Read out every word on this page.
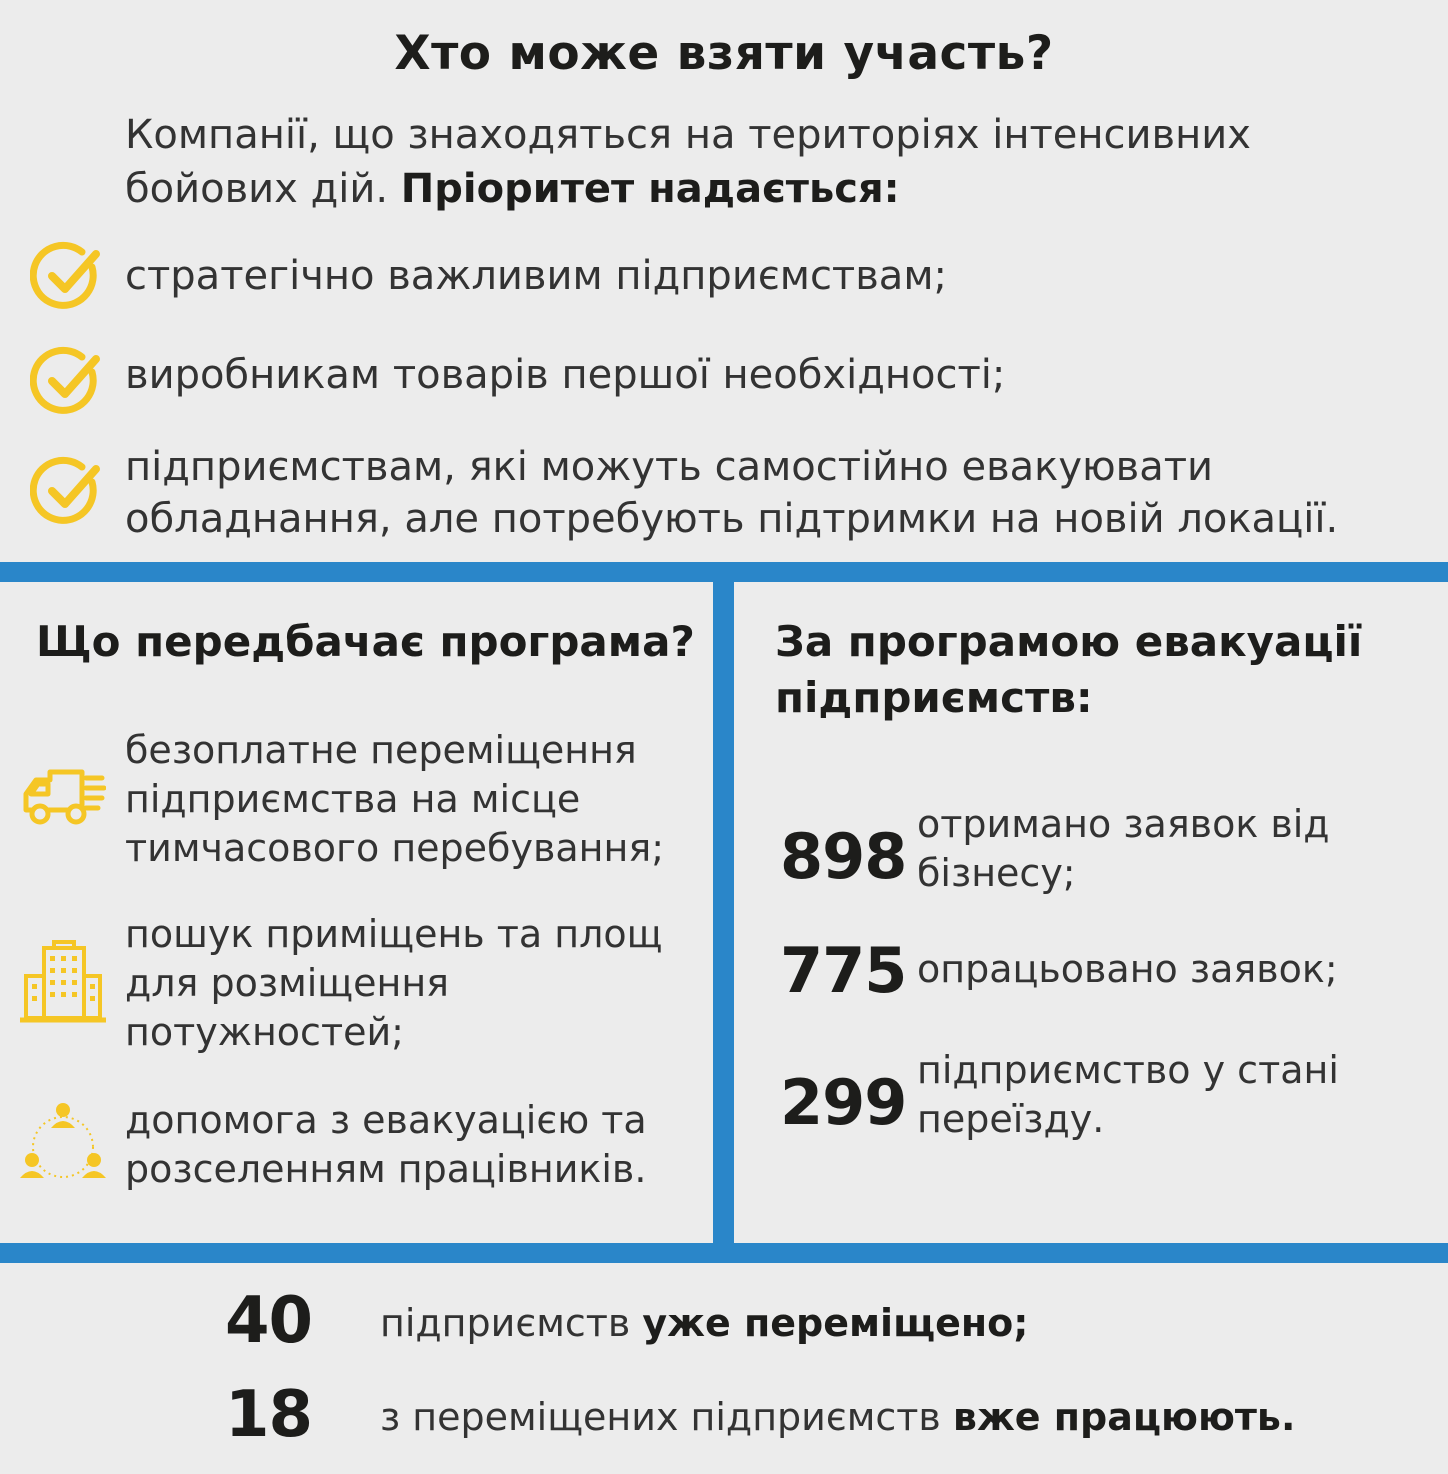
Хто може взяти участь?
Компанії, що знаходяться на територіях інтенсивних бойових дій. Пріоритет надається:
стратегічно важливим підприємствам;
виробникам товарів першої необхідності;
підприємствам, які можуть самостійно евакуювати обладнання, але потребують підтримки на новій локації.
Що передбачає програма?
безоплатне переміщення підприємства на місце тимчасового перебування;
пошук приміщень та площ для розміщення потужностей;
допомога з евакуацією та розселенням працівників.
За програмою евакуації підприємств:
898 отримано заявок від бізнесу;
775 опрацьовано заявок;
299 підприємство у стані переїзду.
40 підприємств уже переміщено;
18 з переміщених підприємств вже працюють.
